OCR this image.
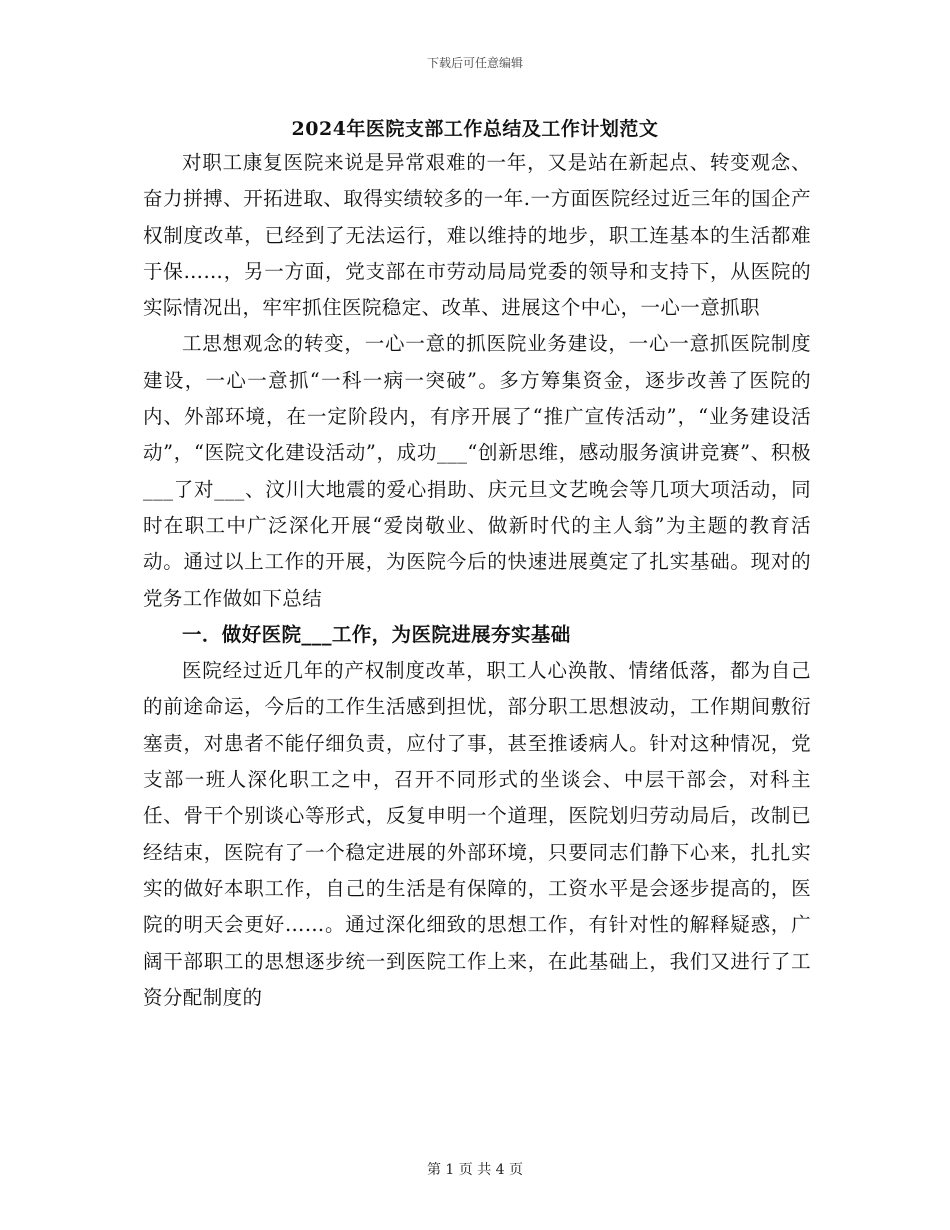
下载后可任意编辑
2024年医院支部工作总结及工作计划范文

对职工康复医院来说是异常艰难的一年，又是站在新起点、转变观念、奋力拼搏、开拓进取、取得实绩较多的一年.一方面医院经过近三年的国企产权制度改革，已经到了无法运行，难以维持的地步，职工连基本的生活都难于保……，另一方面，党支部在市劳动局局党委的领导和支持下，从医院的实际情况出，牢牢抓住医院稳定、改革、进展这个中心，一心一意抓职

工思想观念的转变，一心一意的抓医院业务建设，一心一意抓医院制度建设，一心一意抓“一科一病一突破”。多方筹集资金，逐步改善了医院的内、外部环境，在一定阶段内，有序开展了“推广宣传活动”，“业务建设活动”，“医院文化建设活动”，成功___“创新思维，感动服务演讲竞赛”、积极___了对___、汶川大地震的爱心捐助、庆元旦文艺晚会等几项大项活动，同时在职工中广泛深化开展“爱岗敬业、做新时代的主人翁”为主题的教育活动。通过以上工作的开展，为医院今后的快速进展奠定了扎实基础。现对的党务工作做如下总结

一．做好医院___工作，为医院进展夯实基础

医院经过近几年的产权制度改革，职工人心涣散、情绪低落，都为自己的前途命运，今后的工作生活感到担忧，部分职工思想波动，工作期间敷衍塞责，对患者不能仔细负责，应付了事，甚至推诿病人。针对这种情况，党支部一班人深化职工之中，召开不同形式的坐谈会、中层干部会，对科主任、骨干个别谈心等形式，反复申明一个道理，医院划归劳动局后，改制已经结束，医院有了一个稳定进展的外部环境，只要同志们静下心来，扎扎实实的做好本职工作，自己的生活是有保障的，工资水平是会逐步提高的，医院的明天会更好……。通过深化细致的思想工作，有针对性的解释疑惑，广阔干部职工的思想逐步统一到医院工作上来，在此基础上，我们又进行了工资分配制度的

第 1 页 共 4 页
